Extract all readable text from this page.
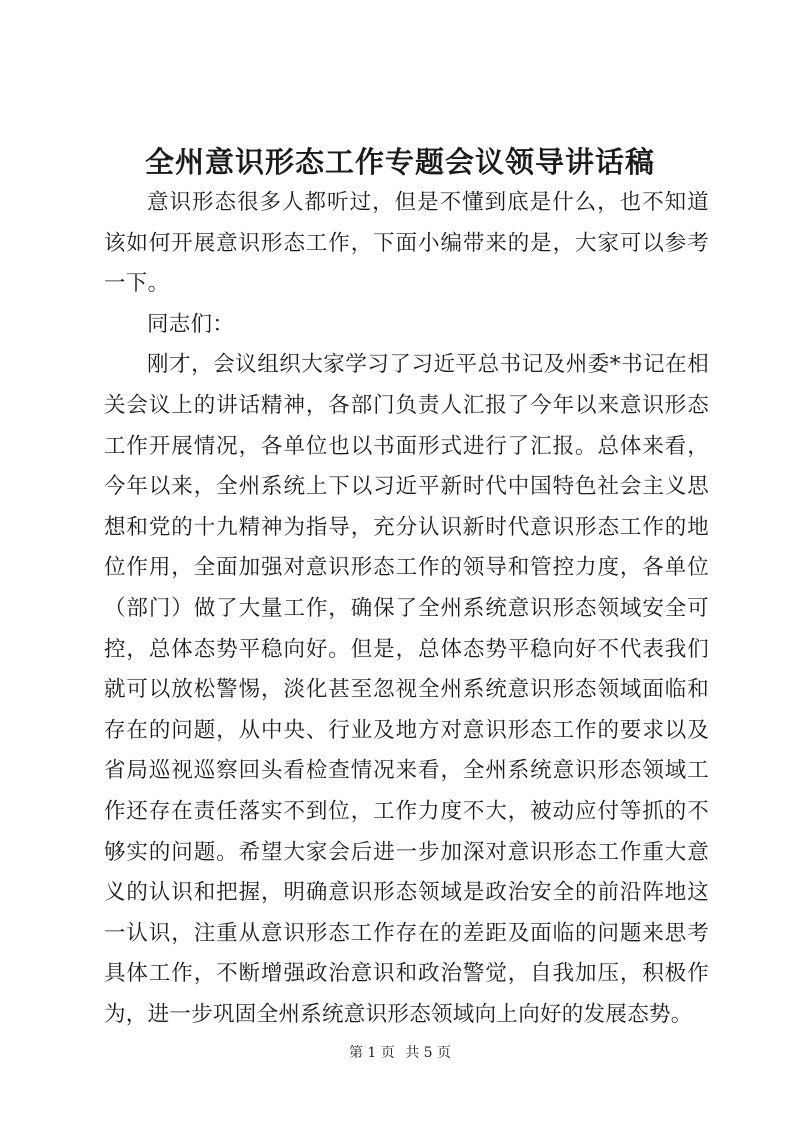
全州意识形态工作专题会议领导讲话稿

意识形态很多人都听过，但是不懂到底是什么，也不知道该如何开展意识形态工作，下面小编带来的是，大家可以参考一下。

同志们：

刚才，会议组织大家学习了习近平总书记及州委*书记在相关会议上的讲话精神，各部门负责人汇报了今年以来意识形态工作开展情况，各单位也以书面形式进行了汇报。总体来看，今年以来，全州系统上下以习近平新时代中国特色社会主义思想和党的十九精神为指导，充分认识新时代意识形态工作的地位作用，全面加强对意识形态工作的领导和管控力度，各单位（部门）做了大量工作，确保了全州系统意识形态领域安全可控，总体态势平稳向好。但是，总体态势平稳向好不代表我们就可以放松警惕，淡化甚至忽视全州系统意识形态领域面临和存在的问题，从中央、行业及地方对意识形态工作的要求以及省局巡视巡察回头看检查情况来看，全州系统意识形态领域工作还存在责任落实不到位，工作力度不大，被动应付等抓的不够实的问题。希望大家会后进一步加深对意识形态工作重大意义的认识和把握，明确意识形态领域是政治安全的前沿阵地这一认识，注重从意识形态工作存在的差距及面临的问题来思考具体工作，不断增强政治意识和政治警觉，自我加压，积极作为，进一步巩固全州系统意识形态领域向上向好的发展态势。

第 1 页 共 5 页
